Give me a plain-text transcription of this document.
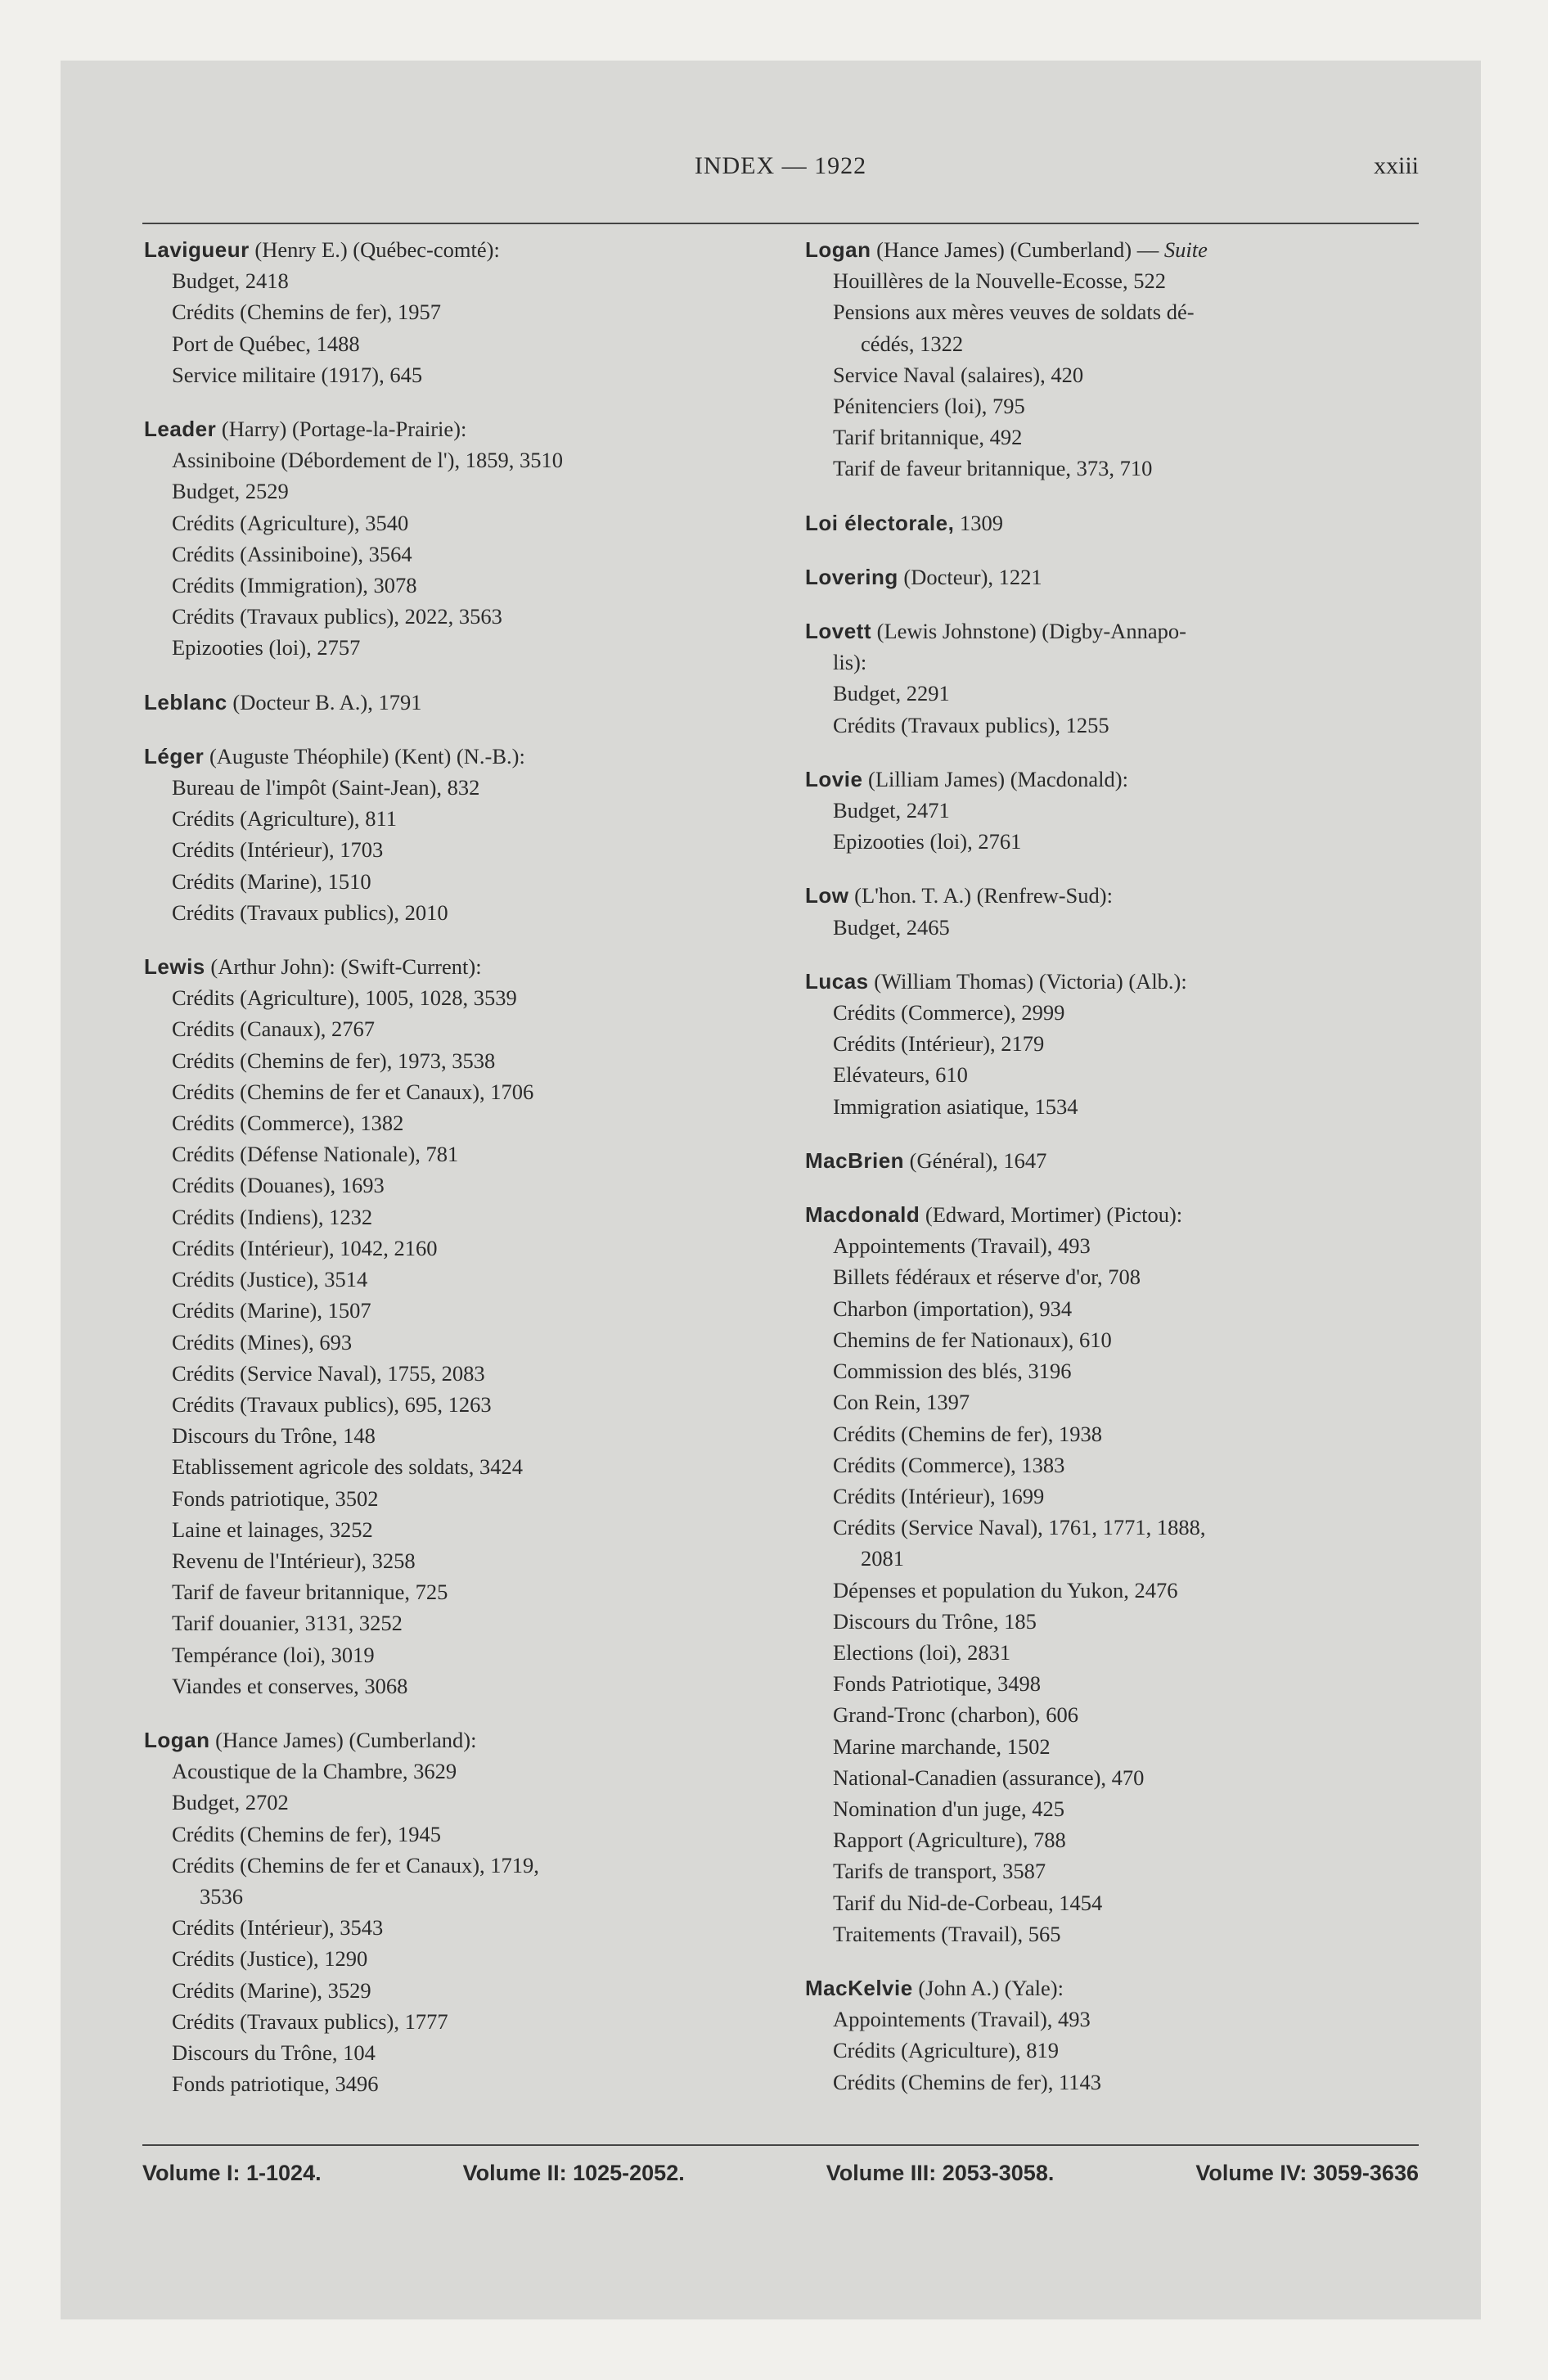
INDEX — 1922	xxiii
Lavigueur (Henry E.) (Québec-comté):
Budget, 2418
Crédits (Chemins de fer), 1957
Port de Québec, 1488
Service militaire (1917), 645
Leader (Harry) (Portage-la-Prairie):
Assiniboine (Débordement de l'), 1859, 3510
Budget, 2529
Crédits (Agriculture), 3540
Crédits (Assiniboine), 3564
Crédits (Immigration), 3078
Crédits (Travaux publics), 2022, 3563
Epizooties (loi), 2757
Leblanc (Docteur B. A.), 1791
Léger (Auguste Théophile) (Kent) (N.-B.):
Bureau de l'impôt (Saint-Jean), 832
Crédits (Agriculture), 811
Crédits (Intérieur), 1703
Crédits (Marine), 1510
Crédits (Travaux publics), 2010
Lewis (Arthur John): (Swift-Current):
Crédits (Agriculture), 1005, 1028, 3539
Crédits (Canaux), 2767
Crédits (Chemins de fer), 1973, 3538
Crédits (Chemins de fer et Canaux), 1706
Crédits (Commerce), 1382
Crédits (Défense Nationale), 781
Crédits (Douanes), 1693
Crédits (Indiens), 1232
Crédits (Intérieur), 1042, 2160
Crédits (Justice), 3514
Crédits (Marine), 1507
Crédits (Mines), 693
Crédits (Service Naval), 1755, 2083
Crédits (Travaux publics), 695, 1263
Discours du Trône, 148
Etablissement agricole des soldats, 3424
Fonds patriotique, 3502
Laine et lainages, 3252
Revenu de l'Intérieur), 3258
Tarif de faveur britannique, 725
Tarif douanier, 3131, 3252
Tempérance (loi), 3019
Viandes et conserves, 3068
Logan (Hance James) (Cumberland):
Acoustique de la Chambre, 3629
Budget, 2702
Crédits (Chemins de fer), 1945
Crédits (Chemins de fer et Canaux), 1719,
3536
Crédits (Intérieur), 3543
Crédits (Justice), 1290
Crédits (Marine), 3529
Crédits (Travaux publics), 1777
Discours du Trône, 104
Fonds patriotique, 3496
Logan (Hance James) (Cumberland) — Suite
Houillères de la Nouvelle-Ecosse, 522
Pensions aux mères veuves de soldats dé-
cédés, 1322
Service Naval (salaires), 420
Pénitenciers (loi), 795
Tarif britannique, 492
Tarif de faveur britannique, 373, 710
Loi électorale, 1309
Lovering (Docteur), 1221
Lovett (Lewis Johnstone) (Digby-Annapo-
lis):
Budget, 2291
Crédits (Travaux publics), 1255
Lovie (Lilliam James) (Macdonald):
Budget, 2471
Epizooties (loi), 2761
Low (L'hon. T. A.) (Renfrew-Sud):
Budget, 2465
Lucas (William Thomas) (Victoria) (Alb.):
Crédits (Commerce), 2999
Crédits (Intérieur), 2179
Elévateurs, 610
Immigration asiatique, 1534
MacBrien (Général), 1647
Macdonald (Edward, Mortimer) (Pictou):
Appointements (Travail), 493
Billets fédéraux et réserve d'or, 708
Charbon (importation), 934
Chemins de fer Nationaux), 610
Commission des blés, 3196
Con Rein, 1397
Crédits (Chemins de fer), 1938
Crédits (Commerce), 1383
Crédits (Intérieur), 1699
Crédits (Service Naval), 1761, 1771, 1888,
2081
Dépenses et population du Yukon, 2476
Discours du Trône, 185
Elections (loi), 2831
Fonds Patriotique, 3498
Grand-Tronc (charbon), 606
Marine marchande, 1502
National-Canadien (assurance), 470
Nomination d'un juge, 425
Rapport (Agriculture), 788
Tarifs de transport, 3587
Tarif du Nid-de-Corbeau, 1454
Traitements (Travail), 565
MacKelvie (John A.) (Yale):
Appointements (Travail), 493
Crédits (Agriculture), 819
Crédits (Chemins de fer), 1143
Volume I: 1-1024.	Volume II: 1025-2052.	Volume III: 2053-3058.	Volume IV: 3059-3636
